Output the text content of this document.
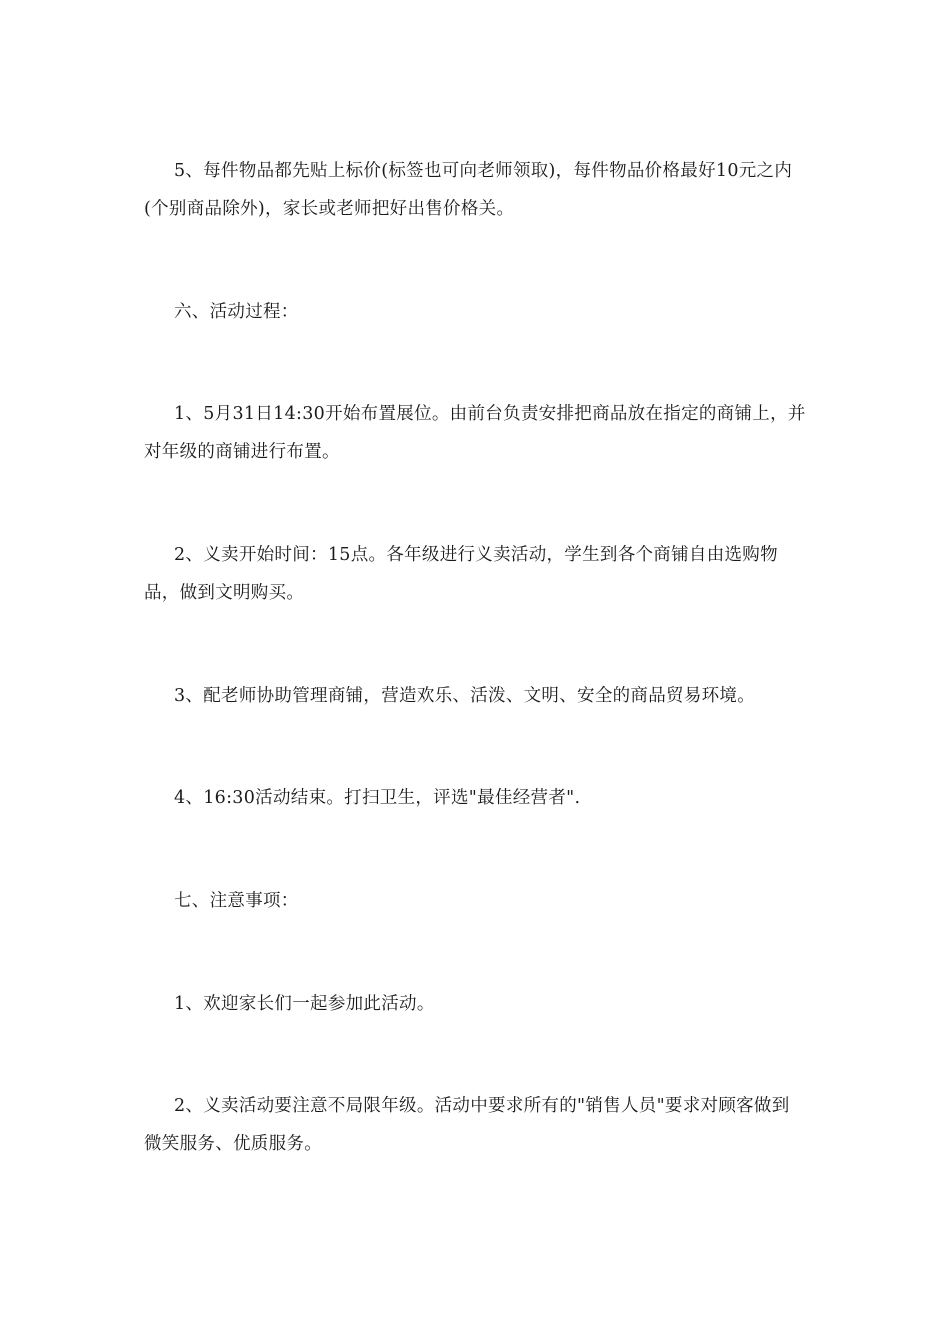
5、每件物品都先贴上标价(标签也可向老师领取)，每件物品价格最好10元之内(个别商品除外)，家长或老师把好出售价格关。

六、活动过程：

1、5月31日14:30开始布置展位。由前台负责安排把商品放在指定的商铺上，并对年级的商铺进行布置。

2、义卖开始时间：15点。各年级进行义卖活动，学生到各个商铺自由选购物品，做到文明购买。

3、配老师协助管理商铺，营造欢乐、活泼、文明、安全的商品贸易环境。

4、16:30活动结束。打扫卫生，评选"最佳经营者".

七、注意事项：

1、欢迎家长们一起参加此活动。

2、义卖活动要注意不局限年级。活动中要求所有的"销售人员"要求对顾客做到微笑服务、优质服务。
